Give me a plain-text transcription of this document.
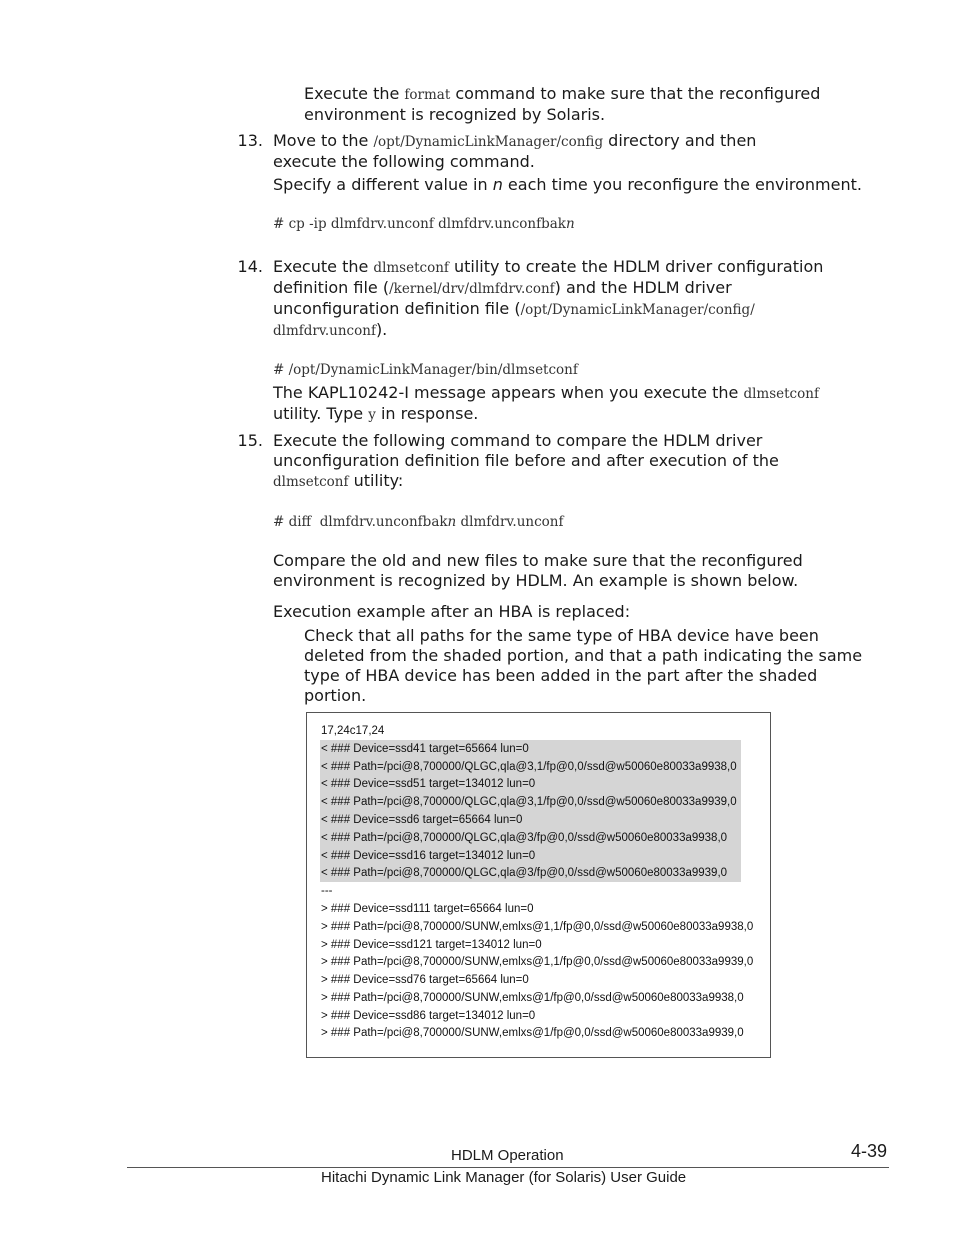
Execute the format command to make sure that the reconfigured
environment is recognized by Solaris.
13. Move to the /opt/DynamicLinkManager/config directory and then
execute the following command.
Specify a different value in n each time you reconfigure the environment.
# cp -ip dlmfdrv.unconf dlmfdrv.unconfbakn
14. Execute the dlmsetconf utility to create the HDLM driver configuration
definition file (/kernel/drv/dlmfdrv.conf) and the HDLM driver
unconfiguration definition file (/opt/DynamicLinkManager/config/
dlmfdrv.unconf).
# /opt/DynamicLinkManager/bin/dlmsetconf
The KAPL10242-I message appears when you execute the dlmsetconf
utility. Type y in response.
15. Execute the following command to compare the HDLM driver
unconfiguration definition file before and after execution of the
dlmsetconf utility:
# diff  dlmfdrv.unconfbakn dlmfdrv.unconf
Compare the old and new files to make sure that the reconfigured
environment is recognized by HDLM. An example is shown below.
Execution example after an HBA is replaced:
Check that all paths for the same type of HBA device have been
deleted from the shaded portion, and that a path indicating the same
type of HBA device has been added in the part after the shaded
portion.
17,24c17,24
< ### Device=ssd41 target=65664 lun=0
< ### Path=/pci@8,700000/QLGC,qla@3,1/fp@0,0/ssd@w50060e80033a9938,0
< ### Device=ssd51 target=134012 lun=0
< ### Path=/pci@8,700000/QLGC,qla@3,1/fp@0,0/ssd@w50060e80033a9939,0
< ### Device=ssd6 target=65664 lun=0
< ### Path=/pci@8,700000/QLGC,qla@3/fp@0,0/ssd@w50060e80033a9938,0
< ### Device=ssd16 target=134012 lun=0
< ### Path=/pci@8,700000/QLGC,qla@3/fp@0,0/ssd@w50060e80033a9939,0
---
> ### Device=ssd111 target=65664 lun=0
> ### Path=/pci@8,700000/SUNW,emlxs@1,1/fp@0,0/ssd@w50060e80033a9938,0
> ### Device=ssd121 target=134012 lun=0
> ### Path=/pci@8,700000/SUNW,emlxs@1,1/fp@0,0/ssd@w50060e80033a9939,0
> ### Device=ssd76 target=65664 lun=0
> ### Path=/pci@8,700000/SUNW,emlxs@1/fp@0,0/ssd@w50060e80033a9938,0
> ### Device=ssd86 target=134012 lun=0
> ### Path=/pci@8,700000/SUNW,emlxs@1/fp@0,0/ssd@w50060e80033a9939,0
HDLM Operation	4-39
Hitachi Dynamic Link Manager (for Solaris) User Guide
